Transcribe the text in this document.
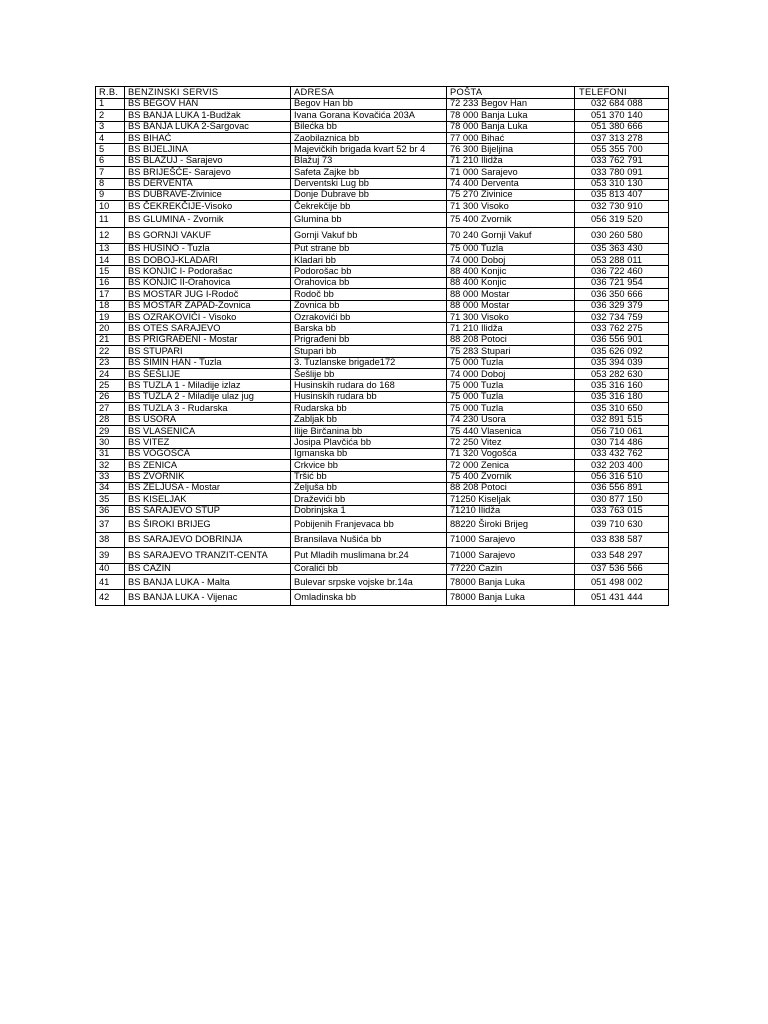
R.B.	BENZINSKI SERVIS	ADRESA	POŠTA	TELEFONI
1	BS BEGOV HAN	Begov Han bb	72 233 Begov Han	032 684 088
2	BS BANJA LUKA 1-Budžak	Ivana Gorana Kovačića 203A	78 000 Banja Luka	051 370 140
3	BS BANJA LUKA 2-Šargovac	Bilećka bb	78 000 Banja Luka	051 380 666
4	BS BIHAĆ	Zaobilaznica bb	77 000 Bihać	037 313 278
5	BS BIJELJINA	Majevičkih brigada kvart 52 br 4	76 300 Bijeljina	055 355 700
6	BS BLAŽUJ - Sarajevo	Blažuj 73	71 210 Ilidža	033 762 791
7	BS BRIJEŠĆE- Sarajevo	Safeta Zajke bb	71 000 Sarajevo	033 780 091
8	BS DERVENTA	Derventski Lug bb	74 400 Derventa	053 310 130
9	BS DUBRAVE-Živinice	Donje Dubrave bb	75 270 Živinice	035 813 407
10	BS ČEKREKČIJE-Visoko	Čekrekčije bb	71 300 Visoko	032 730 910
11	BS GLUMINA - Zvornik	Glumina bb	75 400 Zvornik	056 319 520
12	BS GORNJI VAKUF	Gornji Vakuf bb	70 240 Gornji Vakuf	030 260 580
13	BS HUSINO - Tuzla	Put strane bb	75 000 Tuzla	035 363 430
14	BS DOBOJ-KLADARI	Kladari bb	74 000 Doboj	053 288 011
15	BS KONJIC I- Podorašac	Podorošac bb	88 400 Konjic	036 722 460
16	BS KONJIC II-Orahovica	Orahovica bb	88 400 Konjic	036 721 954
17	BS MOSTAR JUG I-Rodoč	Rodoč bb	88 000 Mostar	036 350 666
18	BS MOSTAR ZAPAD-Žovnica	Žovnica bb	88 000 Mostar	036 329 379
19	BS OZRAKOVIĆI - Visoko	Ozrakovići bb	71 300 Visoko	032 734 759
20	BS OTES SARAJEVO	Barska bb	71 210 Ilidža	033 762 275
21	BS PRIGRAĐENI - Mostar	Prigrađeni bb	88 208 Potoci	036 556 901
22	BS STUPARI	Stupari bb	75 283 Stupari	035 626 092
23	BS SIMIN HAN - Tuzla	3. Tuzlanske brigade172	75 000 Tuzla	035 394 039
24	BS ŠEŠLIJE	Šešlije bb	74 000 Doboj	053 282 630
25	BS TUZLA 1 - Miladije izlaz	Husinskih rudara do 168	75 000 Tuzla	035 316 160
26	BS TUZLA 2 - Miladije ulaz jug	Husinskih rudara bb	75 000 Tuzla	035 316 180
27	BS TUZLA 3 - Rudarska	Rudarska bb	75 000 Tuzla	035 310 650
28	BS USORA	Žabljak bb	74 230 Usora	032 891 515
29	BS VLASENICA	Ilije Birčanina bb	75 440 Vlasenica	056 710 061
30	BS VITEZ	Josipa Plavčića bb	72 250 Vitez	030 714 486
31	BS VOGOŠĆA	Igmanska bb	71 320 Vogošća	033 432 762
32	BS ZENICA	Crkvice bb	72 000 Zenica	032 203 400
33	BS ZVORNIK	Tršić bb	75 400 Zvornik	056 316 510
34	BS ŽELJUŠA - Mostar	Željuša bb	88 208 Potoci	036 556 891
35	BS KISELJAK	Draževići bb	71250 Kiseljak	030 877 150
36	BS SARAJEVO STUP	Dobrinjska 1	71210 Ilidža	033 763 015
37	BS ŠIROKI BRIJEG	Pobijenih Franjevaca bb	88220 Široki Brijeg	039 710 630
38	BS SARAJEVO DOBRINJA	Bransilava Nušića bb	71000 Sarajevo	033 838 587
39	BS SARAJEVO TRANZIT-CENTA	Put Mladih muslimana br.24	71000 Sarajevo	033 548 297
40	BS CAZIN	Ćoralići bb	77220 Cazin	037 536 566
41	BS BANJA LUKA - Malta	Bulevar srpske vojske br.14a	78000 Banja Luka	051 498 002
42	BS BANJA LUKA - Vijenac	Omladinska bb	78000 Banja Luka	051 431 444
